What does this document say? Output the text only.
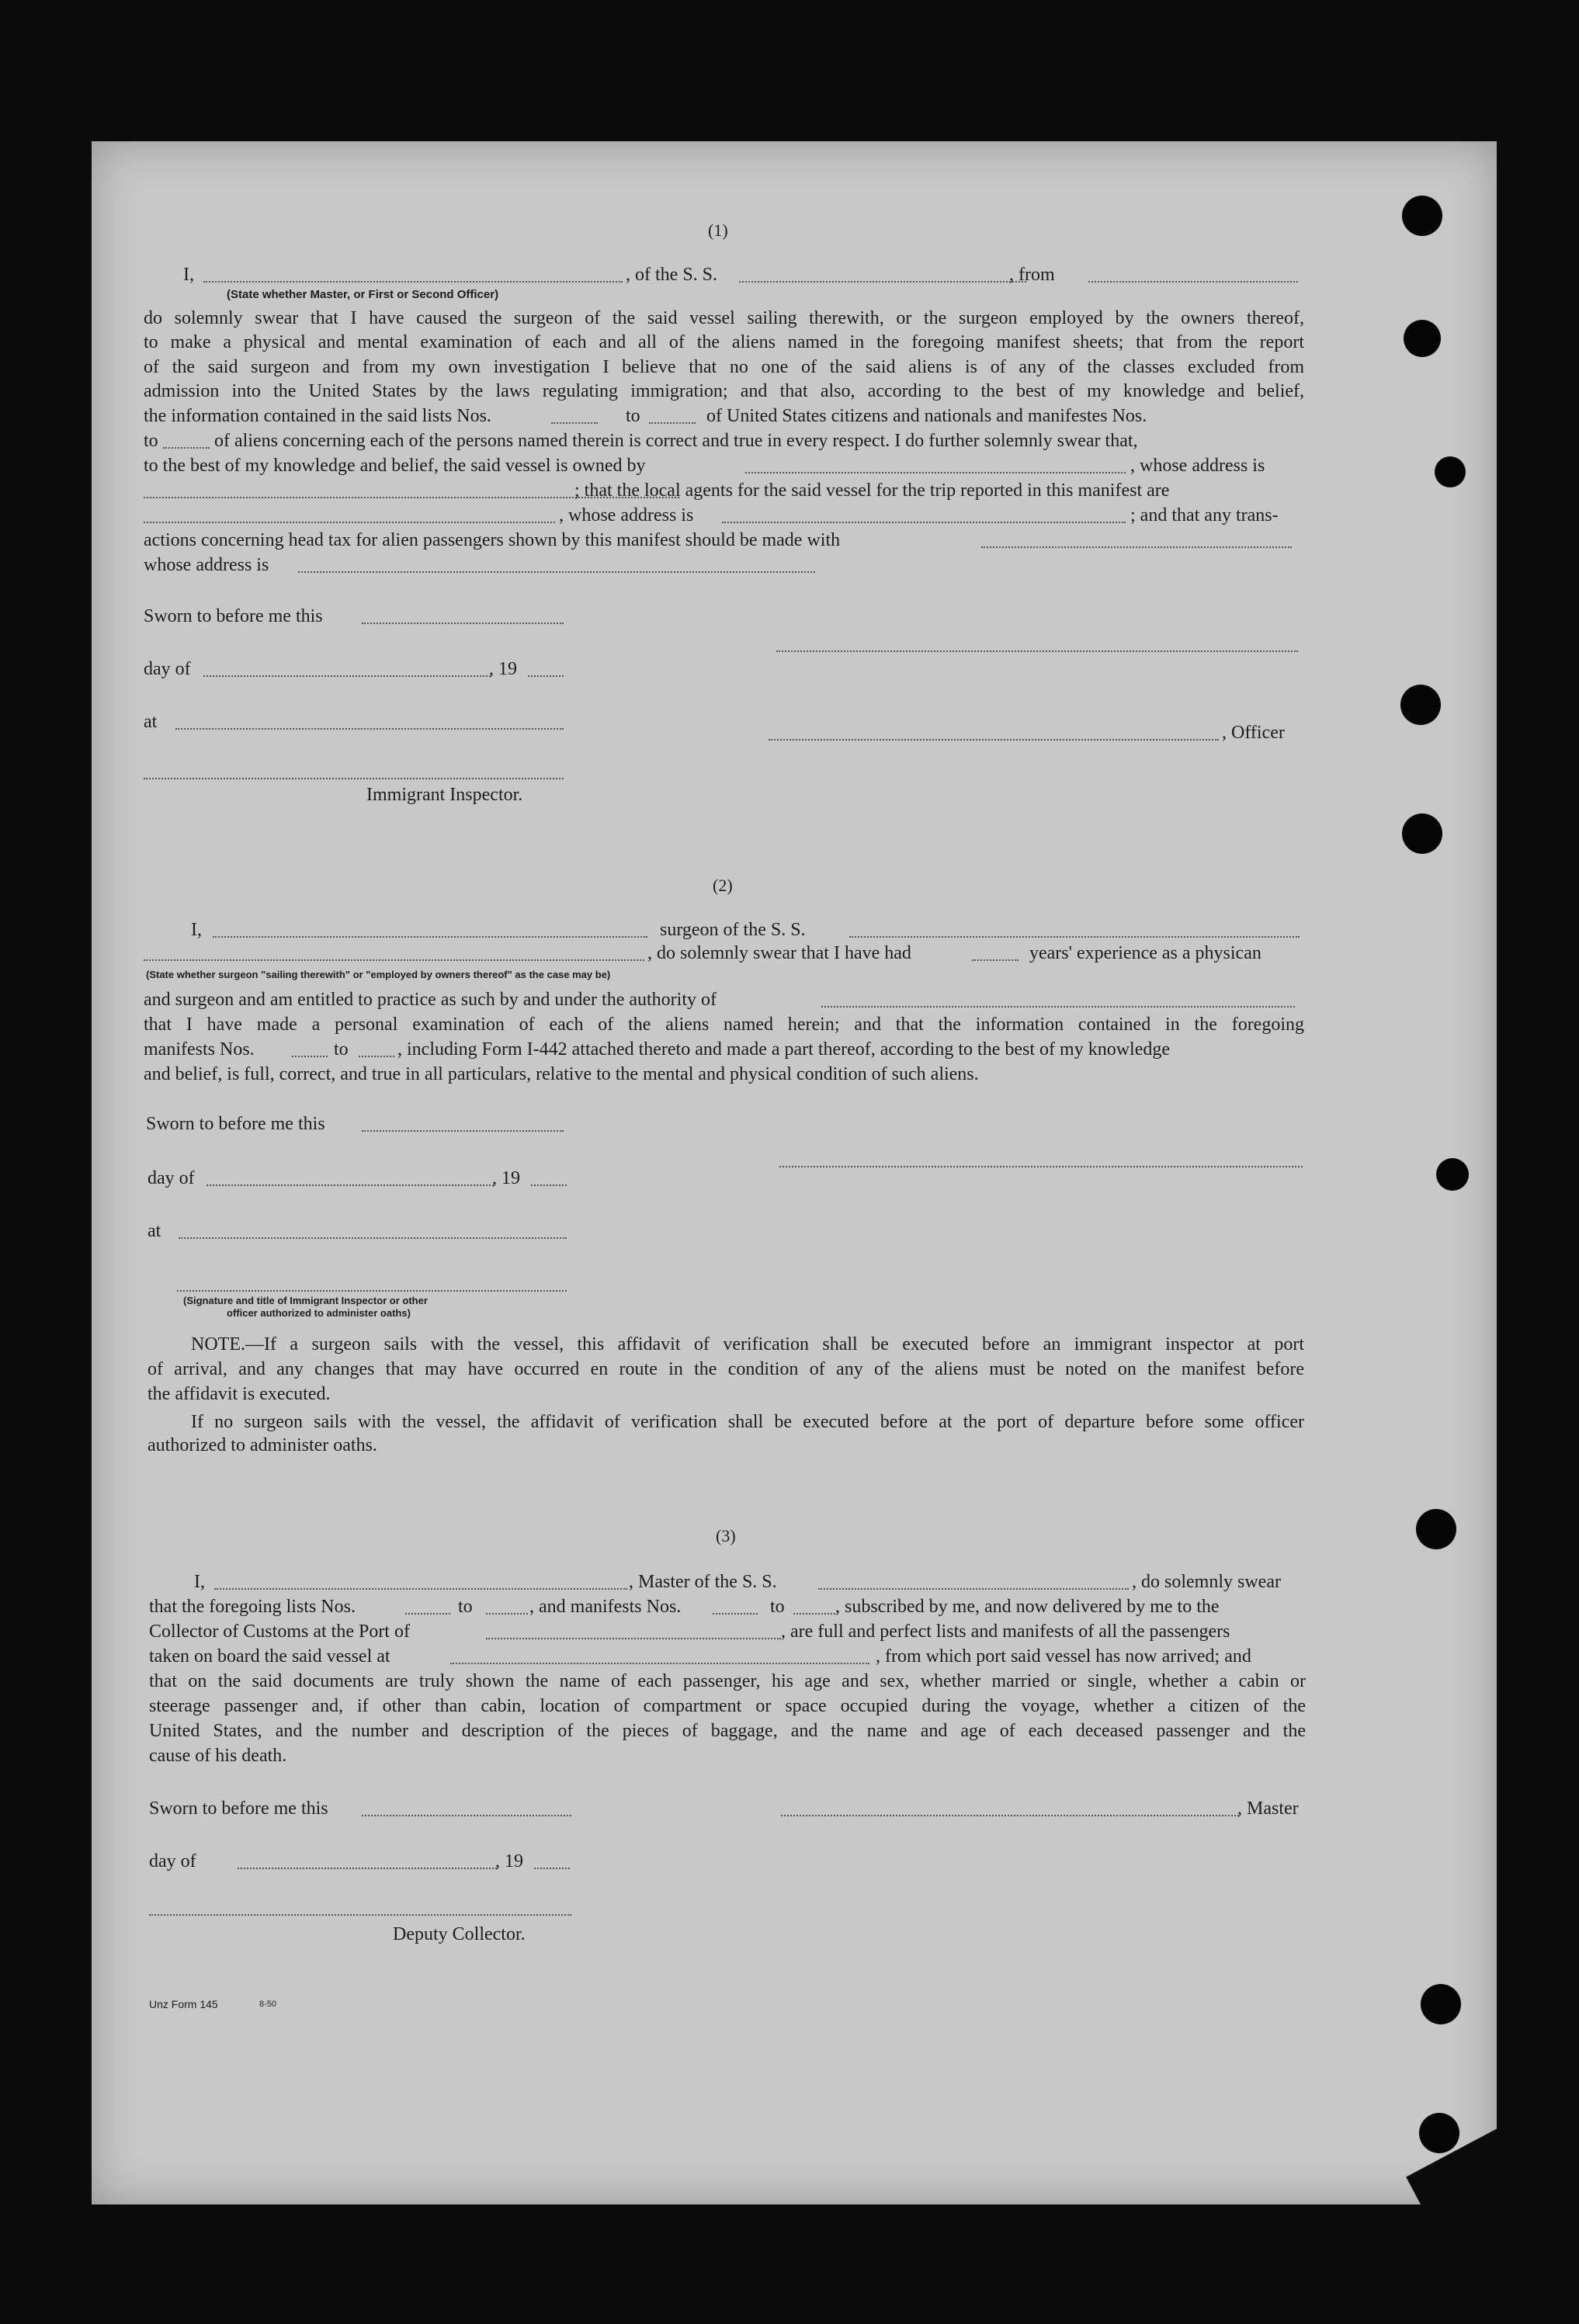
(1)
I,	, of the S. S.	, from
(State whether Master, or First or Second Officer)
do solemnly swear that I have caused the surgeon of the said vessel sailing therewith, or the surgeon employed by the owners thereof,
to make a physical and mental examination of each and all of the aliens named in the foregoing manifest sheets; that from the report
of the said surgeon and from my own investigation I believe that no one of the said aliens is of any of the classes excluded from
admission into the United States by the laws regulating immigration; and that also, according to the best of my knowledge and belief,
the information contained in the said lists Nos.	to	of United States citizens and nationals and manifestes Nos.
to	of aliens concerning each of the persons named therein is correct and true in every respect. I do further solemnly swear that,
to the best of my knowledge and belief, the said vessel is owned by	, whose address is
; that the local agents for the said vessel for the trip reported in this manifest are
, whose address is	; and that any trans-
actions concerning head tax for alien passengers shown by this manifest should be made with
whose address is
Sworn to before me this
day of	, 19
at
, Officer
Immigrant Inspector.
(2)
I,	surgeon of the S. S.
, do solemnly swear that I have had	years' experience as a physican
(State whether surgeon "sailing therewith" or "employed by owners thereof" as the case may be)
and surgeon and am entitled to practice as such by and under the authority of
that I have made a personal examination of each of the aliens named herein; and that the information contained in the foregoing
manifests Nos.	to	, including Form I-442 attached thereto and made a part thereof, according to the best of my knowledge
and belief, is full, correct, and true in all particulars, relative to the mental and physical condition of such aliens.
Sworn to before me this
day of	, 19
at
(Signature and title of Immigrant Inspector or other
officer authorized to administer oaths)
NOTE.—If a surgeon sails with the vessel, this affidavit of verification shall be executed before an immigrant inspector at port
of arrival, and any changes that may have occurred en route in the condition of any of the aliens must be noted on the manifest before
the affidavit is executed.
If no surgeon sails with the vessel, the affidavit of verification shall be executed before at the port of departure before some officer
authorized to administer oaths.
(3)
I,	, Master of the S. S.	, do solemnly swear
that the foregoing lists Nos.	to	, and manifests Nos.	to	, subscribed by me, and now delivered by me to the
Collector of Customs at the Port of	, are full and perfect lists and manifests of all the passengers
taken on board the said vessel at	, from which port said vessel has now arrived; and
that on the said documents are truly shown the name of each passenger, his age and sex, whether married or single, whether a cabin or
steerage passenger and, if other than cabin, location of compartment or space occupied during the voyage, whether a citizen of the
United States, and the number and description of the pieces of baggage, and the name and age of each deceased passenger and the
cause of his death.
Sworn to before me this	, Master
day of	, 19
Deputy Collector.
Unz Form 145	8-50
